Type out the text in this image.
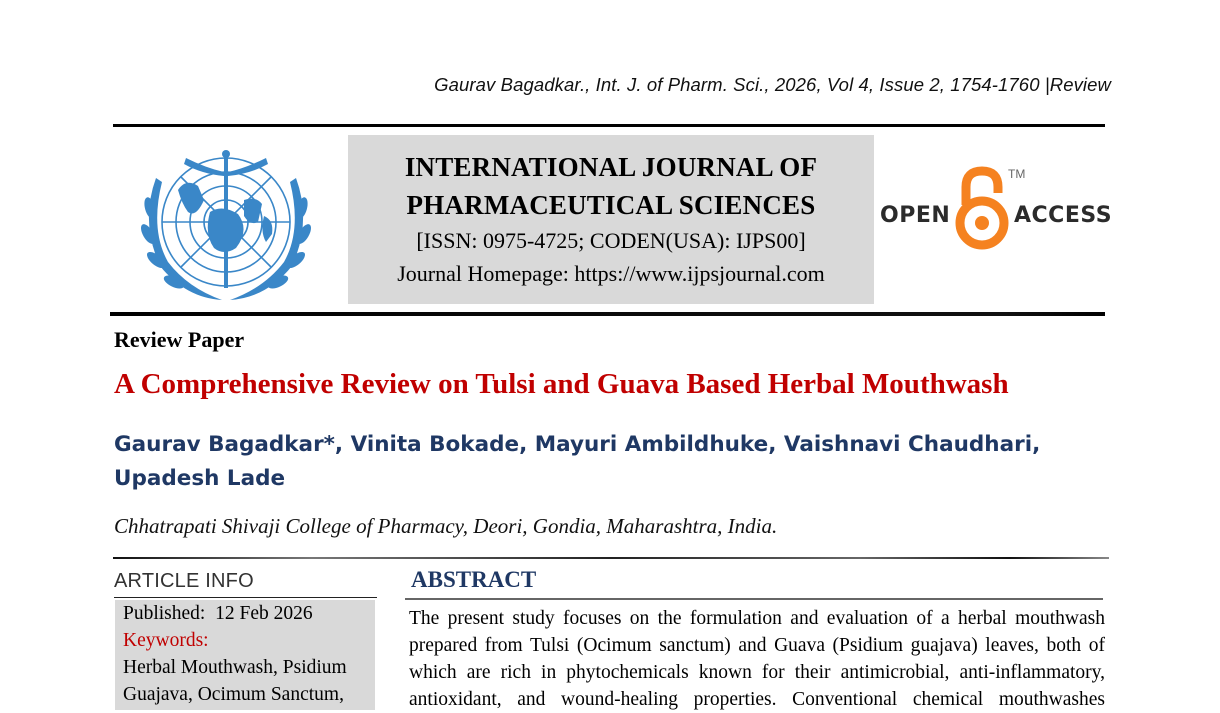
Gaurav Bagadkar., Int. J. of Pharm. Sci., 2026, Vol 4, Issue 2, 1754-1760 |Review
INTERNATIONAL JOURNAL OF
PHARMACEUTICAL SCIENCES
[ISSN: 0975-4725; CODEN(USA): IJPS00]
Journal Homepage: https://www.ijpsjournal.com
OPEN
TM
ACCESS
Review Paper
A Comprehensive Review on Tulsi and Guava Based Herbal Mouthwash
Gaurav Bagadkar*, Vinita Bokade, Mayuri Ambildhuke, Vaishnavi Chaudhari,
Upadesh Lade
Chhatrapati Shivaji College of Pharmacy, Deori, Gondia, Maharashtra, India.
ARTICLE INFO
Published: 12 Feb 2026
Keywords:
Herbal Mouthwash, Psidium
Guajava, Ocimum Sanctum,
ABSTRACT
The present study focuses on the formulation and evaluation of a herbal mouthwash
prepared from Tulsi (Ocimum sanctum) and Guava (Psidium guajava) leaves, both of
which are rich in phytochemicals known for their antimicrobial, anti-inflammatory,
antioxidant, and wound-healing properties. Conventional chemical mouthwashes
